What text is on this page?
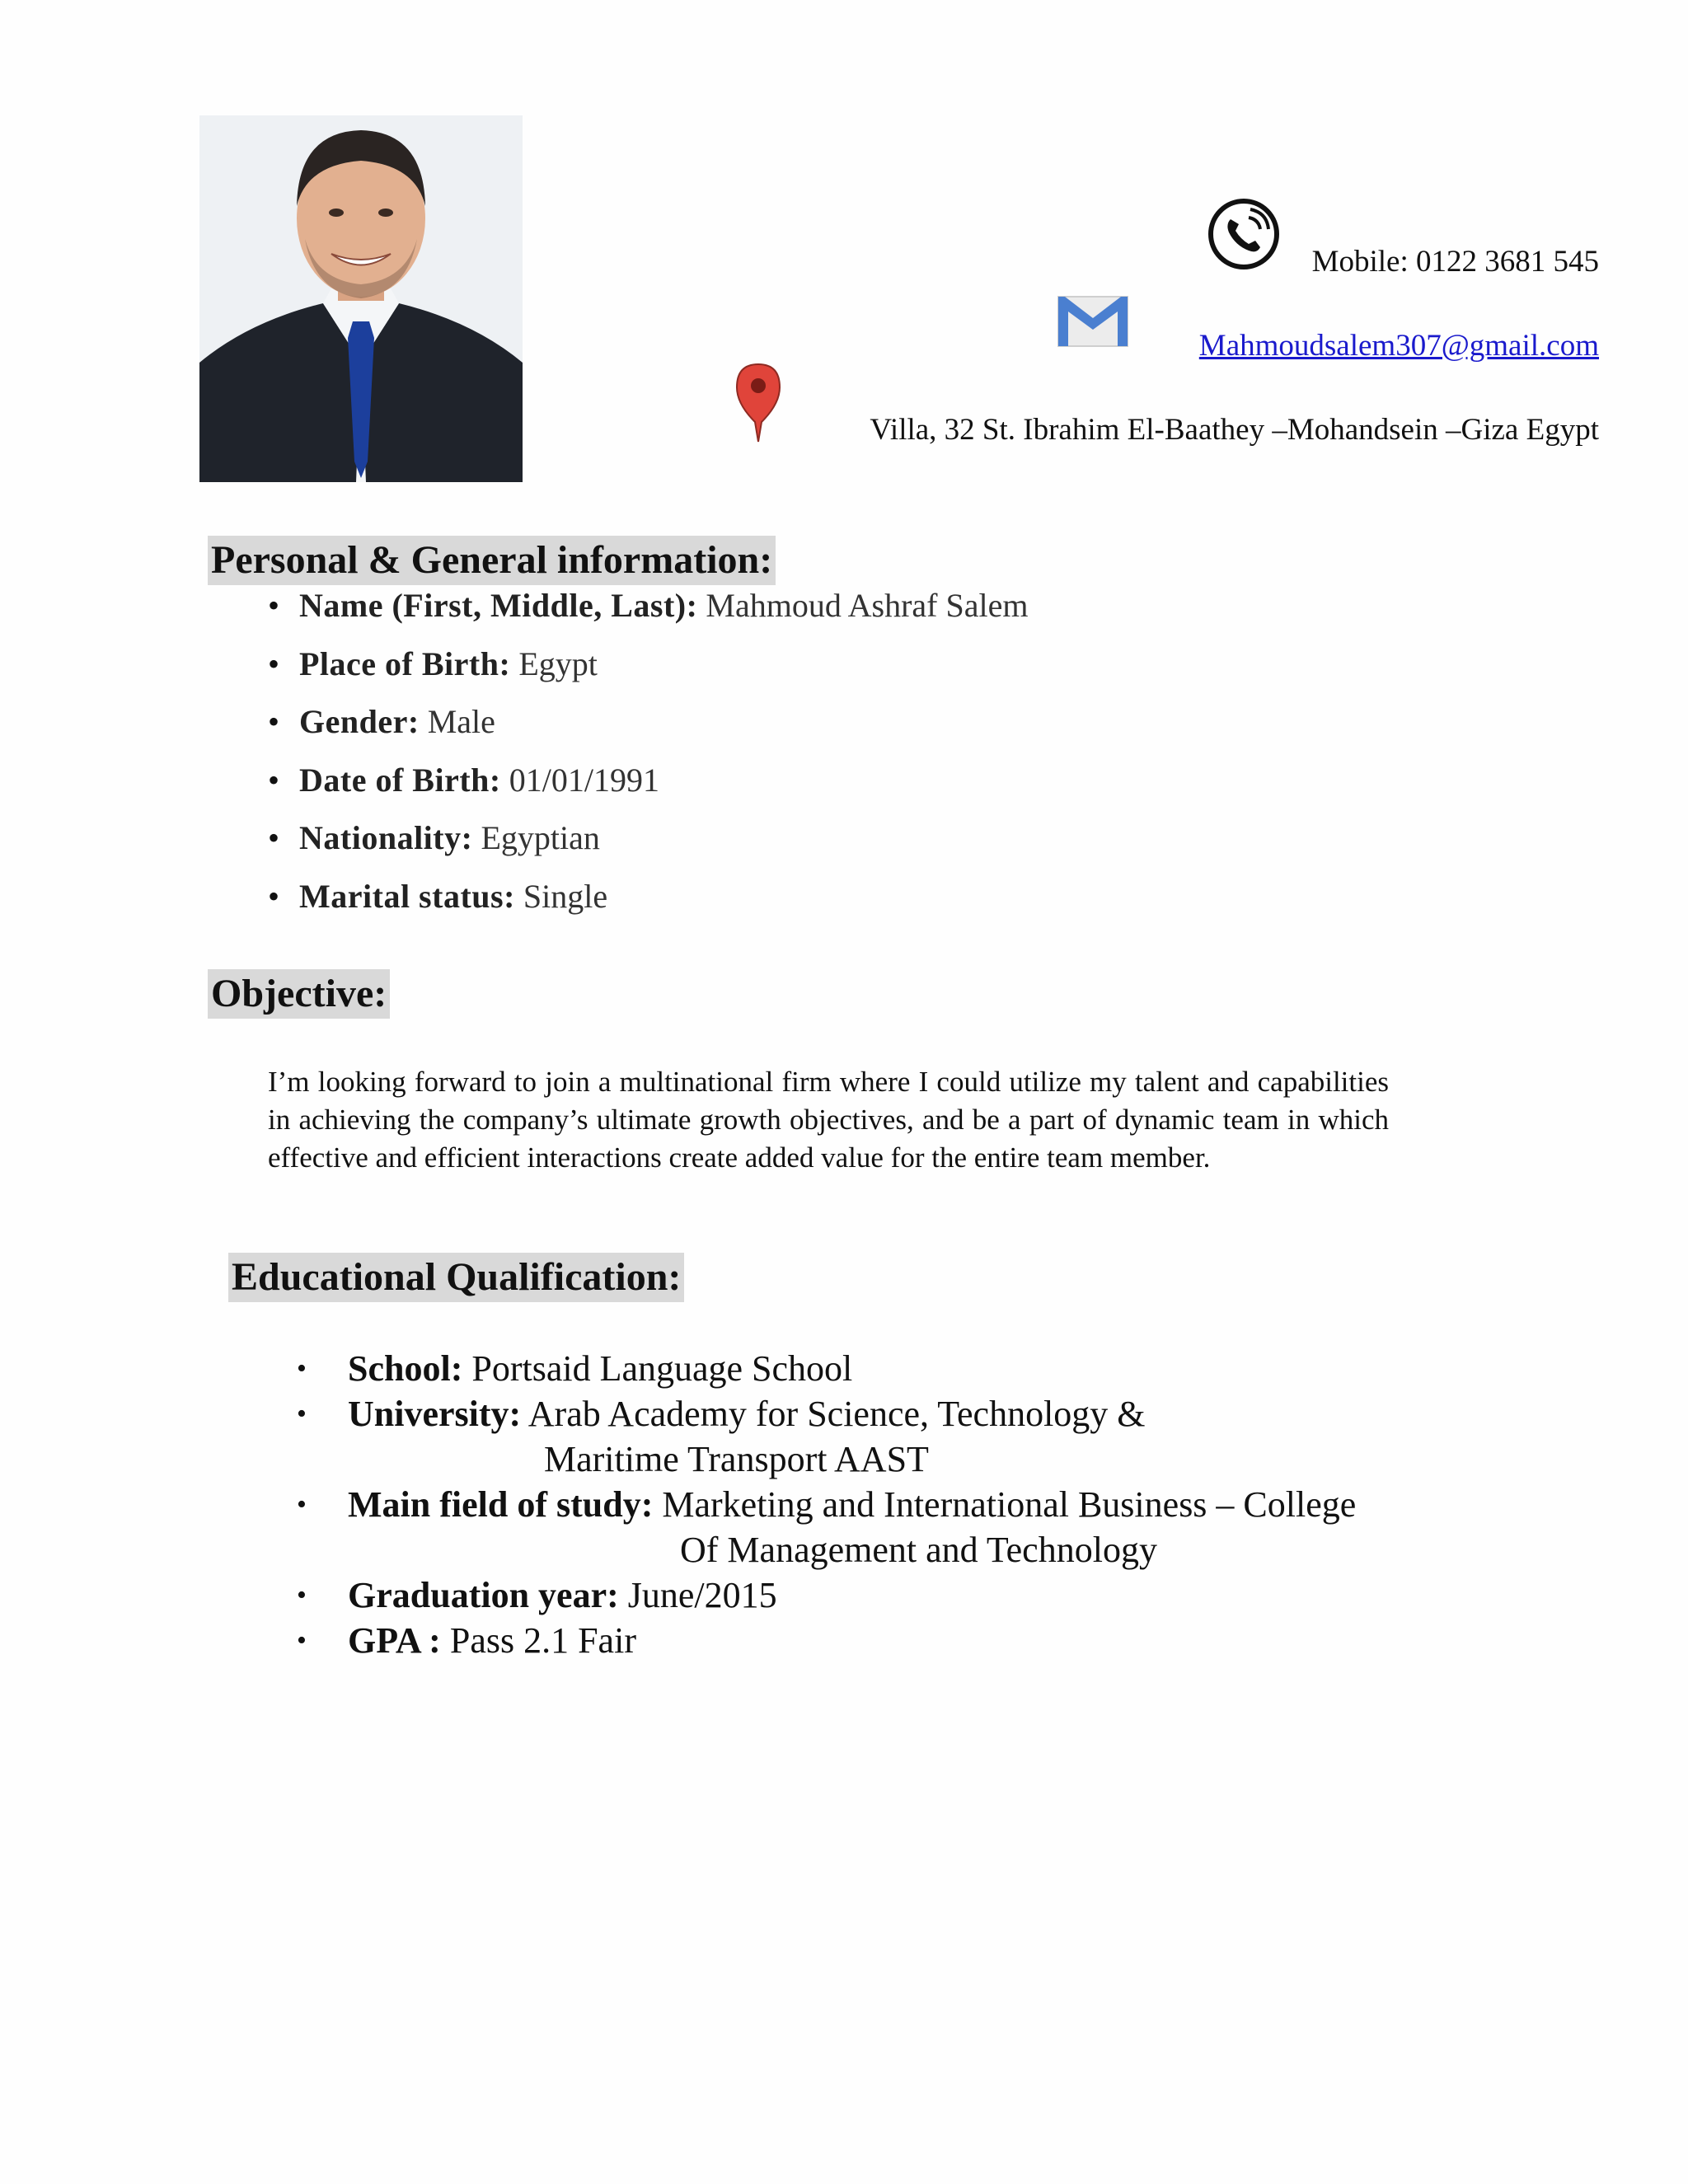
Mobile: 0122 3681 545
Mahmoudsalem307@gmail.com
Villa, 32 St. Ibrahim El-Baathey –Mohandsein –Giza Egypt
Personal & General information:
• Name (First, Middle, Last): Mahmoud Ashraf Salem
• Place of Birth: Egypt
• Gender: Male
• Date of Birth: 01/01/1991
• Nationality: Egyptian
• Marital status: Single
Objective:

I’m looking forward to join a multinational firm where I could utilize my talent and capabilities in achieving the company’s ultimate growth objectives, and be a part of dynamic team in which effective and efficient interactions create added value for the entire team member.

Educational Qualification:
• School: Portsaid Language School
• University: Arab Academy for Science, Technology &
Maritime Transport AAST
• Main field of study: Marketing and International Business – College
Of Management and Technology
• Graduation year: June/2015
• GPA : Pass 2.1 Fair
